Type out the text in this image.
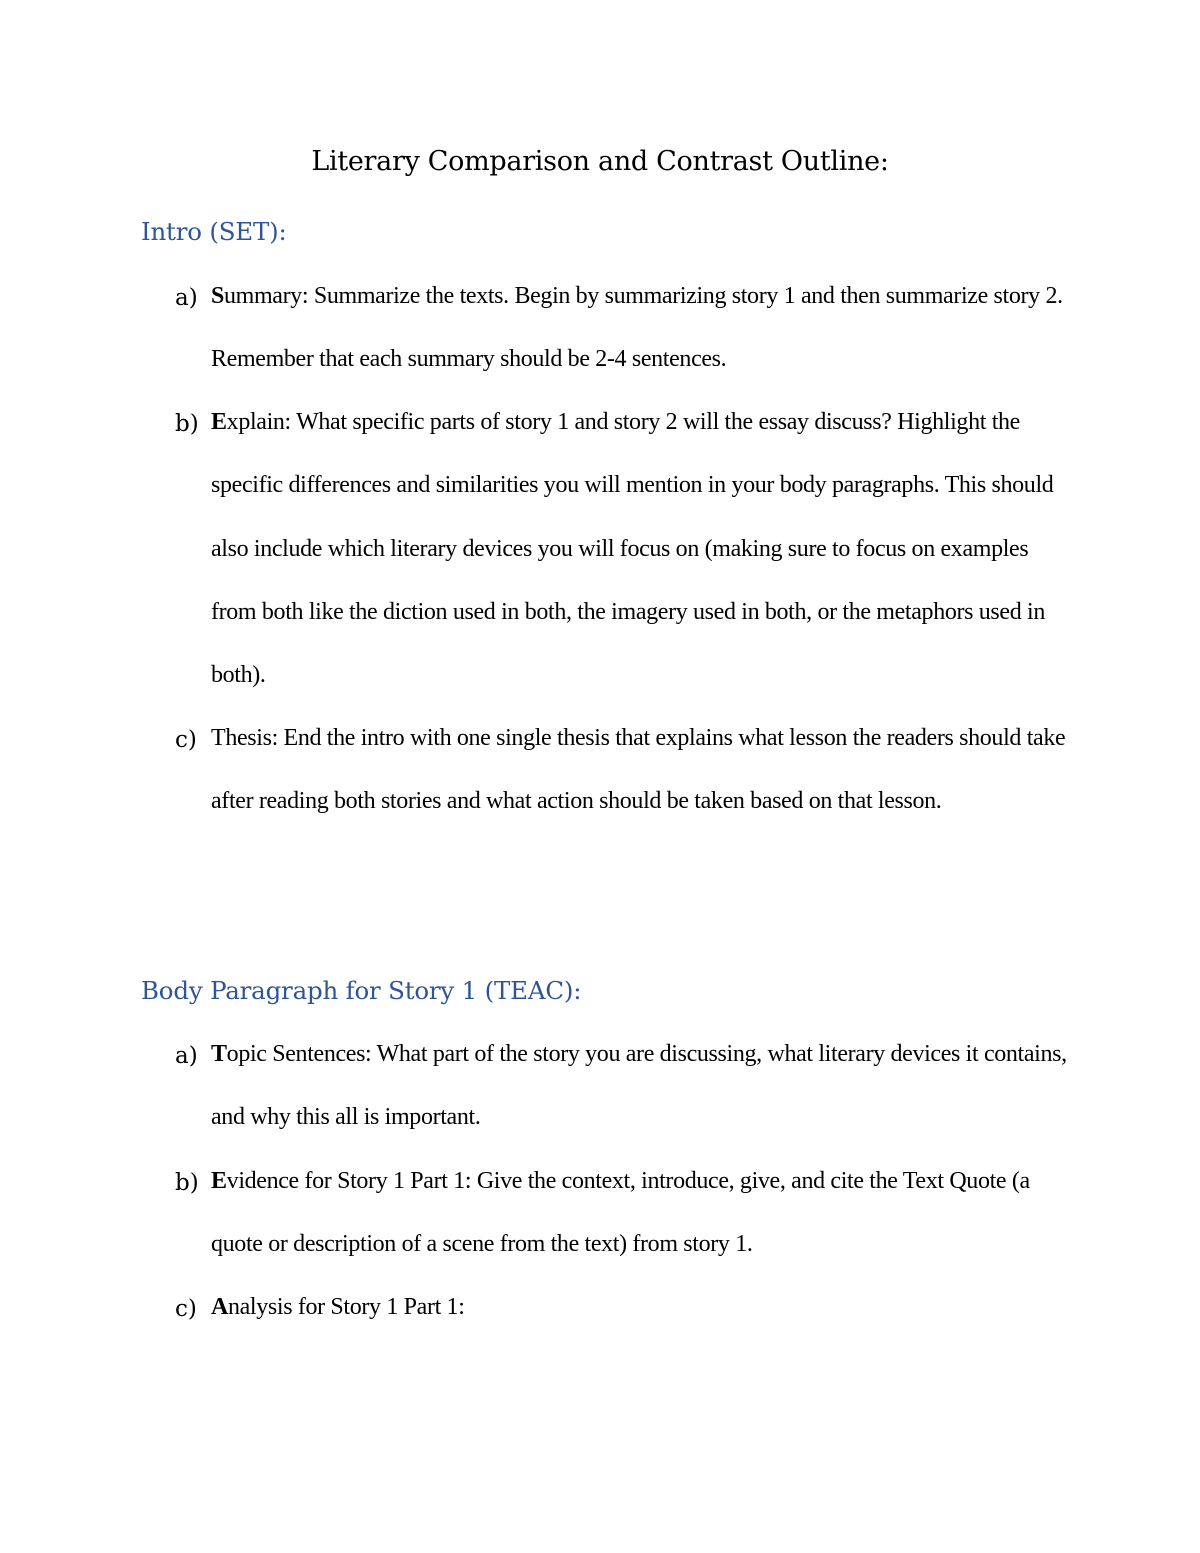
Literary Comparison and Contrast Outline:
Intro (SET):
a) Summary: Summarize the texts. Begin by summarizing story 1 and then summarize story 2. Remember that each summary should be 2-4 sentences.
b) Explain: What specific parts of story 1 and story 2 will the essay discuss? Highlight the specific differences and similarities you will mention in your body paragraphs. This should also include which literary devices you will focus on (making sure to focus on examples from both like the diction used in both, the imagery used in both, or the metaphors used in both).
c) Thesis: End the intro with one single thesis that explains what lesson the readers should take after reading both stories and what action should be taken based on that lesson.
Body Paragraph for Story 1 (TEAC):
a) Topic Sentences: What part of the story you are discussing, what literary devices it contains, and why this all is important.
b) Evidence for Story 1 Part 1: Give the context, introduce, give, and cite the Text Quote (a quote or description of a scene from the text) from story 1.
c) Analysis for Story 1 Part 1:
